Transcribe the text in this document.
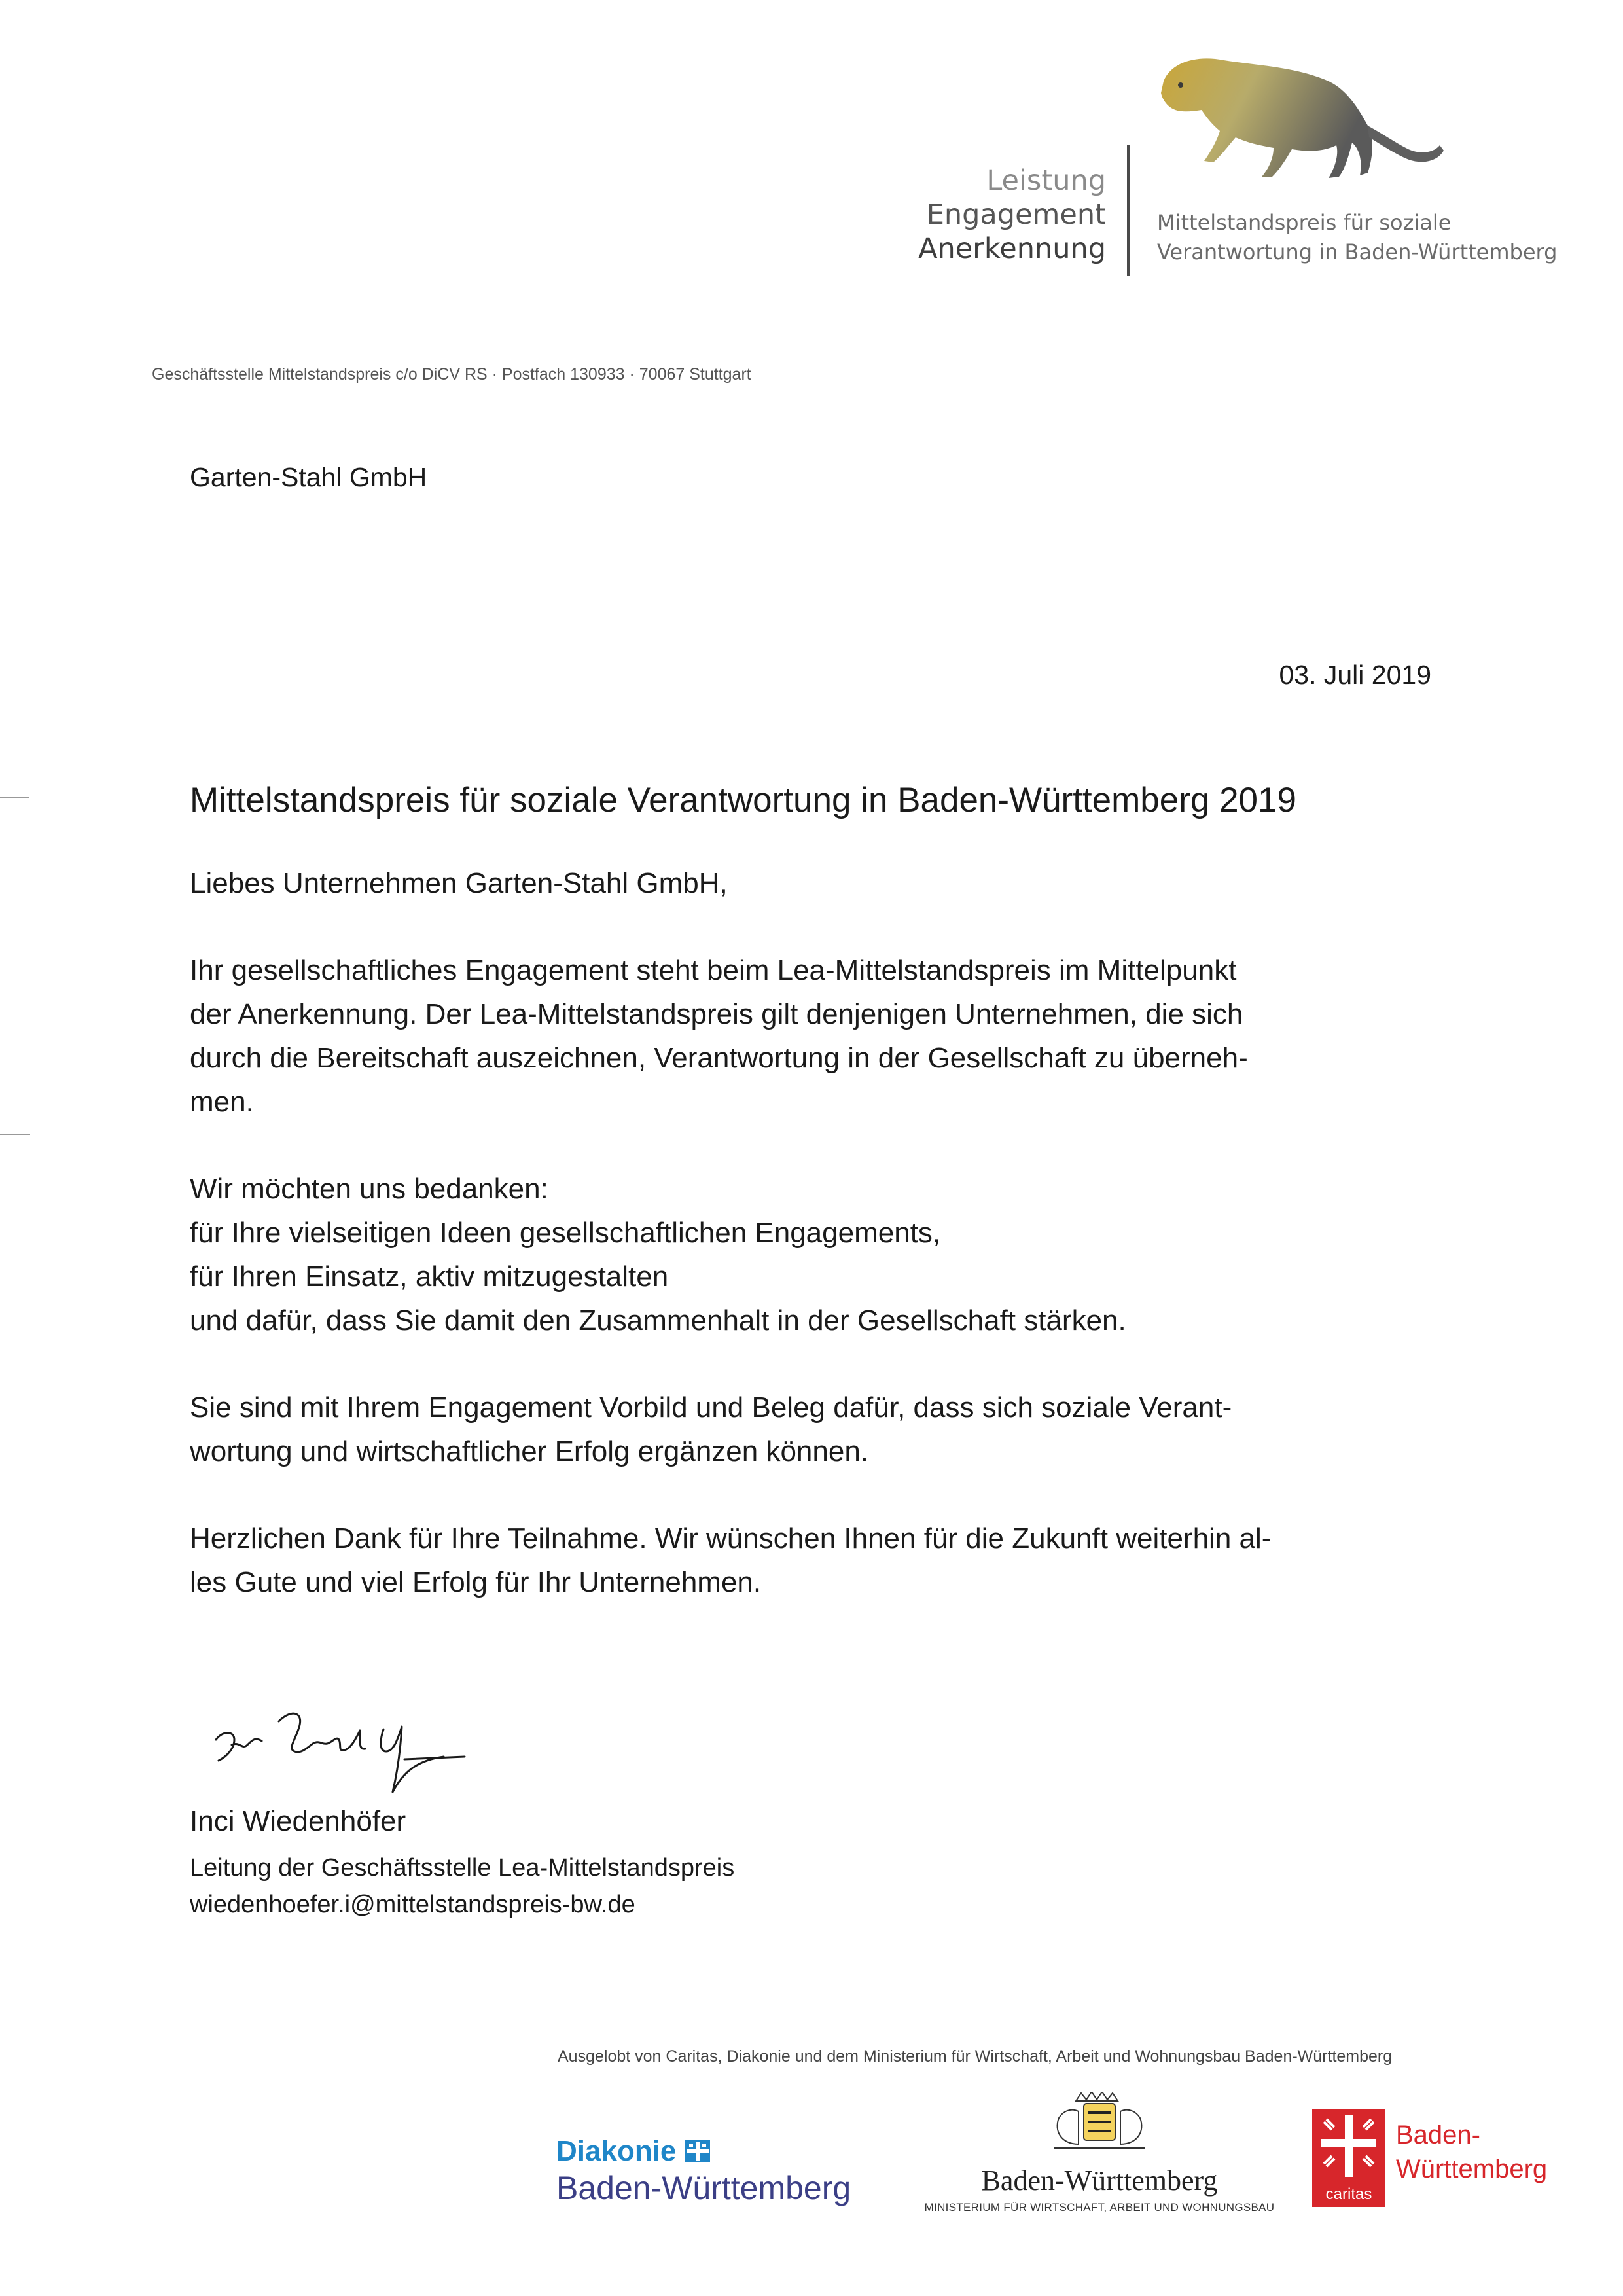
Leistung
Engagement
Anerkennung
Mittelstandspreis für soziale
Verantwortung in Baden-Württemberg
Geschäftsstelle Mittelstandspreis c/o DiCV RS · Postfach 130933 · 70067 Stuttgart
Garten-Stahl GmbH
03. Juli 2019
Mittelstandspreis für soziale Verantwortung in Baden-Württemberg 2019

Liebes Unternehmen Garten-Stahl GmbH,

Ihr gesellschaftliches Engagement steht beim Lea-Mittelstandspreis im Mittelpunkt
der Anerkennung. Der Lea-Mittelstandspreis gilt denjenigen Unternehmen, die sich
durch die Bereitschaft auszeichnen, Verantwortung in der Gesellschaft zu überneh-
men.

Wir möchten uns bedanken:
für Ihre vielseitigen Ideen gesellschaftlichen Engagements,
für Ihren Einsatz, aktiv mitzugestalten
und dafür, dass Sie damit den Zusammenhalt in der Gesellschaft stärken.

Sie sind mit Ihrem Engagement Vorbild und Beleg dafür, dass sich soziale Verant-
wortung und wirtschaftlicher Erfolg ergänzen können.

Herzlichen Dank für Ihre Teilnahme. Wir wünschen Ihnen für die Zukunft weiterhin al-
les Gute und viel Erfolg für Ihr Unternehmen.

Inci Wiedenhöfer
Leitung der Geschäftsstelle Lea-Mittelstandspreis
wiedenhoefer.i@mittelstandspreis-bw.de
Ausgelobt von Caritas, Diakonie und dem Ministerium für Wirtschaft, Arbeit und Wohnungsbau Baden-Württemberg
Diakonie
Baden-Württemberg	Baden-Württemberg
MINISTERIUM FÜR WIRTSCHAFT, ARBEIT UND WOHNUNGSBAU
caritas
Baden-
Württemberg
